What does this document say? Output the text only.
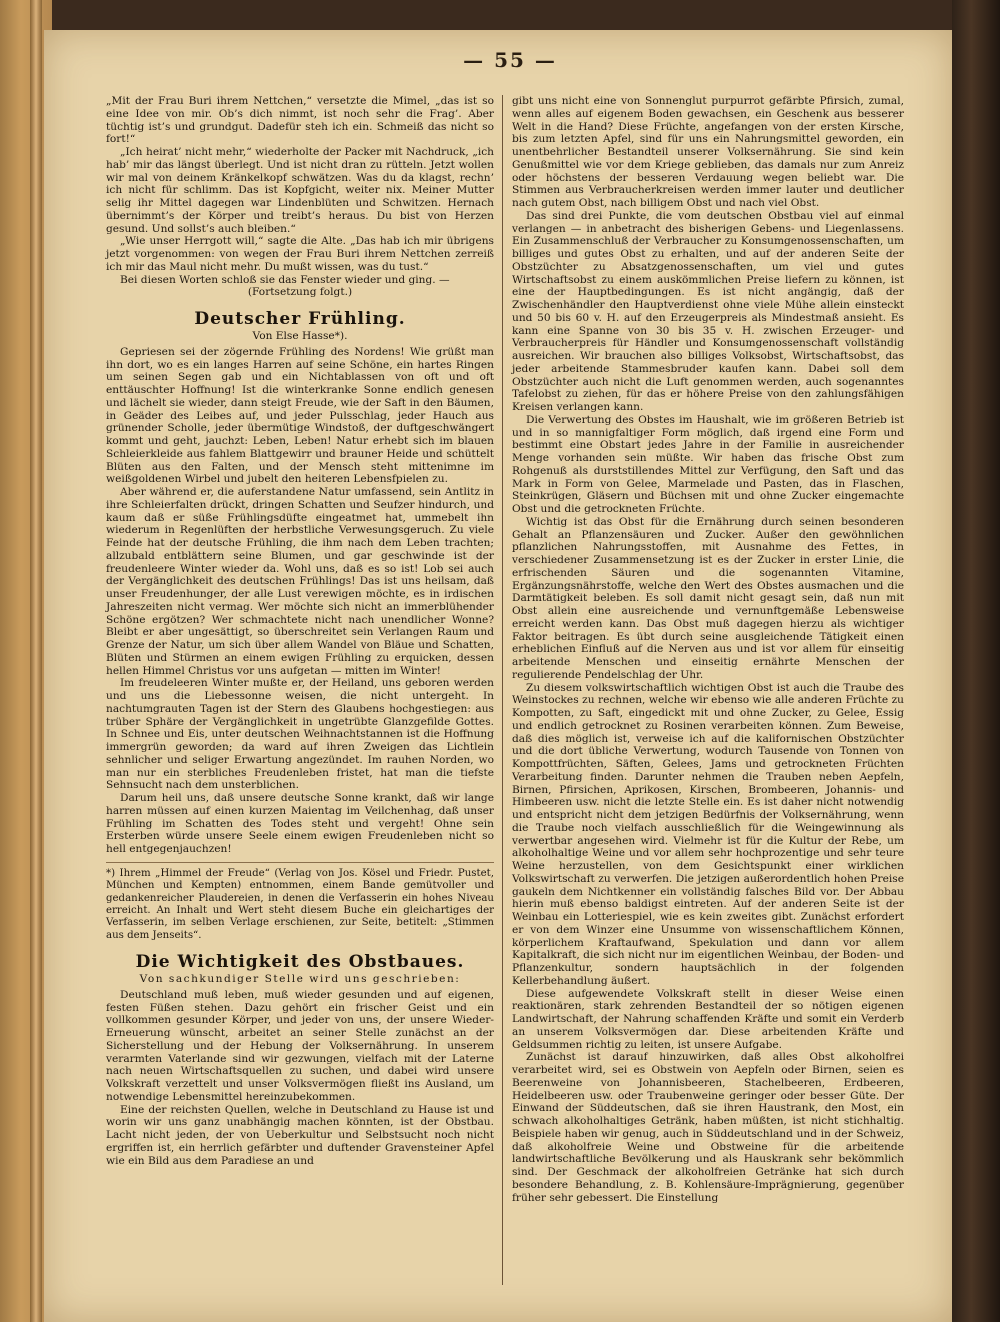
— 55 —

„Mit der Frau Buri ihrem Nettchen,“ versetzte die Mimel, „das ist so eine Idee von mir. Ob’s dich nimmt, ist noch sehr die Frag’. Aber tüchtig ist’s und grundgut. Dadefür steh ich ein. Schmeiß das nicht so fort!“

„Ich heirat’ nicht mehr,“ wiederholte der Packer mit Nachdruck, „ich hab’ mir das längst überlegt. Und ist nicht dran zu rütteln. Jetzt wollen wir mal von deinem Kränkelkopf schwätzen. Was du da klagst, rechn’ ich nicht für schlimm. Das ist Kopfgicht, weiter nix. Meiner Mutter selig ihr Mittel dagegen war Lindenblüten und Schwitzen. Hernach übernimmt’s der Körper und treibt’s heraus. Du bist von Herzen gesund. Und sollst’s auch bleiben.“

„Wie unser Herrgott will,“ sagte die Alte. „Das hab ich mir übrigens jetzt vorgenommen: von wegen der Frau Buri ihrem Nettchen zerreiß ich mir das Maul nicht mehr. Du mußt wissen, was du tust.“

Bei diesen Worten schloß sie das Fenster wieder und ging. —

(Fortsetzung folgt.)

Deutscher Frühling.
Von Else Hasse*).

Gepriesen sei der zögernde Frühling des Nordens! Wie grüßt man ihn dort, wo es ein langes Harren auf seine Schöne, ein hartes Ringen um seinen Segen gab und ein Nichtablassen von oft und oft enttäuschter Hoffnung! Ist die winterkranke Sonne endlich genesen und lächelt sie wieder, dann steigt Freude, wie der Saft in den Bäumen, in Geäder des Leibes auf, und jeder Pulsschlag, jeder Hauch aus grünender Scholle, jeder übermütige Windstoß, der duftgeschwängert kommt und geht, jauchzt: Leben, Leben! Natur erhebt sich im blauen Schleierkleide aus fahlem Blattgewirr und brauner Heide und schüttelt Blüten aus den Falten, und der Mensch steht mittenimne im weißgoldenen Wirbel und jubelt den heiteren Lebensfpielen zu.

Aber während er, die auferstandene Natur umfassend, sein Antlitz in ihre Schleierfalten drückt, dringen Schatten und Seufzer hindurch, und kaum daß er süße Frühlingsdüfte eingeatmet hat, ummebelt ihn wiederum in Regenlüften der herbstliche Verwesungsgeruch. Zu viele Feinde hat der deutsche Frühling, die ihm nach dem Leben trachten; allzubald entblättern seine Blumen, und gar geschwinde ist der freudenleere Winter wieder da. Wohl uns, daß es so ist! Lob sei auch der Vergänglichkeit des deutschen Frühlings! Das ist uns heilsam, daß unser Freudenhunger, der alle Lust verewigen möchte, es in irdischen Jahreszeiten nicht vermag. Wer möchte sich nicht an immerblühender Schöne ergötzen? Wer schmachtete nicht nach unendlicher Wonne? Bleibt er aber ungesättigt, so überschreitet sein Verlangen Raum und Grenze der Natur, um sich über allem Wandel von Bläue und Schatten, Blüten und Stürmen an einem ewigen Frühling zu erquicken, dessen hellen Himmel Christus vor uns aufgetan — mitten im Winter!

Im freudeleeren Winter mußte er, der Heiland, uns geboren werden und uns die Liebessonne weisen, die nicht untergeht. In nachtumgrauten Tagen ist der Stern des Glaubens hochgestiegen: aus trüber Sphäre der Vergänglichkeit in ungetrübte Glanzgefilde Gottes. In Schnee und Eis, unter deutschen Weihnachtstannen ist die Hoffnung immergrün geworden; da ward auf ihren Zweigen das Lichtlein sehnlicher und seliger Erwartung angezündet. Im rauhen Norden, wo man nur ein sterbliches Freudenleben fristet, hat man die tiefste Sehnsucht nach dem unsterblichen.

Darum heil uns, daß unsere deutsche Sonne krankt, daß wir lange harren müssen auf einen kurzen Maientag im Veilchenhag, daß unser Frühling im Schatten des Todes steht und vergeht! Ohne sein Ersterben würde unsere Seele einem ewigen Freudenleben nicht so hell entgegenjauchzen!

*) Ihrem „Himmel der Freude“ (Verlag von Jos. Kösel und Friedr. Pustet, München und Kempten) entnommen, einem Bande gemütvoller und gedankenreicher Plaudereien, in denen die Verfasserin ein hohes Niveau erreicht. An Inhalt und Wert steht diesem Buche ein gleichartiges der Verfasserin, im selben Verlage erschienen, zur Seite, betitelt: „Stimmen aus dem Jenseits“.
Die Wichtigkeit des Obstbaues.
Von sachkundiger Stelle wird uns geschrieben:

Deutschland muß leben, muß wieder gesunden und auf eigenen, festen Füßen stehen. Dazu gehört ein frischer Geist und ein vollkommen gesunder Körper, und jeder von uns, der unsere Wieder-Erneuerung wünscht, arbeitet an seiner Stelle zunächst an der Sicherstellung und der Hebung der Volksernährung. In unserem verarmten Vaterlande sind wir gezwungen, vielfach mit der Laterne nach neuen Wirtschaftsquellen zu suchen, und dabei wird unsere Volkskraft verzettelt und unser Volksvermögen fließt ins Ausland, um notwendige Lebensmittel hereinzubekommen.

Eine der reichsten Quellen, welche in Deutschland zu Hause ist und worin wir uns ganz unabhängig machen könnten, ist der Obstbau. Lacht nicht jeden, der von Ueberkultur und Selbstsucht noch nicht ergriffen ist, ein herrlich gefärbter und duftender Gravensteiner Apfel wie ein Bild aus dem Paradiese an und

gibt uns nicht eine von Sonnenglut purpurrot gefärbte Pfirsich, zumal, wenn alles auf eigenem Boden gewachsen, ein Geschenk aus besserer Welt in die Hand? Diese Früchte, angefangen von der ersten Kirsche, bis zum letzten Apfel, sind für uns ein Nahrungsmittel geworden, ein unentbehrlicher Bestandteil unserer Volksernährung. Sie sind kein Genußmittel wie vor dem Kriege geblieben, das damals nur zum Anreiz oder höchstens der besseren Verdauung wegen beliebt war. Die Stimmen aus Verbraucherkreisen werden immer lauter und deutlicher nach gutem Obst, nach billigem Obst und nach viel Obst.

Das sind drei Punkte, die vom deutschen Obstbau viel auf einmal verlangen — in anbetracht des bisherigen Gebens- und Liegenlassens. Ein Zusammenschluß der Verbraucher zu Konsumgenossenschaften, um billiges und gutes Obst zu erhalten, und auf der anderen Seite der Obstzüchter zu Absatzgenossenschaften, um viel und gutes Wirtschaftsobst zu einem auskömmlichen Preise liefern zu können, ist eine der Hauptbedingungen. Es ist nicht angängig, daß der Zwischenhändler den Hauptverdienst ohne viele Mühe allein einsteckt und 50 bis 60 v. H. auf den Erzeugerpreis als Mindestmaß ansieht. Es kann eine Spanne von 30 bis 35 v. H. zwischen Erzeuger- und Verbraucherpreis für Händler und Konsumgenossenschaft vollständig ausreichen. Wir brauchen also billiges Volksobst, Wirtschaftsobst, das jeder arbeitende Stammesbruder kaufen kann. Dabei soll dem Obstzüchter auch nicht die Luft genommen werden, auch sogenanntes Tafelobst zu ziehen, für das er höhere Preise von den zahlungsfähigen Kreisen verlangen kann.

Die Verwertung des Obstes im Haushalt, wie im größeren Betrieb ist und in so mannigfaltiger Form möglich, daß irgend eine Form und bestimmt eine Obstart jedes Jahre in der Familie in ausreichender Menge vorhanden sein müßte. Wir haben das frische Obst zum Rohgenuß als durststillendes Mittel zur Verfügung, den Saft und das Mark in Form von Gelee, Marmelade und Pasten, das in Flaschen, Steinkrügen, Gläsern und Büchsen mit und ohne Zucker eingemachte Obst und die getrockneten Früchte.

Wichtig ist das Obst für die Ernährung durch seinen besonderen Gehalt an Pflanzensäuren und Zucker. Außer den gewöhnlichen pflanzlichen Nahrungsstoffen, mit Ausnahme des Fettes, in verschiedener Zusammensetzung ist es der Zucker in erster Linie, die erfrischenden Säuren und die sogenannten Vitamine, Ergänzungsnährstoffe, welche den Wert des Obstes ausmachen und die Darmtätigkeit beleben. Es soll damit nicht gesagt sein, daß nun mit Obst allein eine ausreichende und vernunftgemäße Lebensweise erreicht werden kann. Das Obst muß dagegen hierzu als wichtiger Faktor beitragen. Es übt durch seine ausgleichende Tätigkeit einen erheblichen Einfluß auf die Nerven aus und ist vor allem für einseitig arbeitende Menschen und einseitig ernährte Menschen der regulierende Pendelschlag der Uhr.

Zu diesem volkswirtschaftlich wichtigen Obst ist auch die Traube des Weinstockes zu rechnen, welche wir ebenso wie alle anderen Früchte zu Kompotten, zu Saft, eingedickt mit und ohne Zucker, zu Gelee, Essig und endlich getrocknet zu Rosinen verarbeiten können. Zum Beweise, daß dies möglich ist, verweise ich auf die kalifornischen Obstzüchter und die dort übliche Verwertung, wodurch Tausende von Tonnen von Kompottfrüchten, Säften, Gelees, Jams und getrockneten Früchten Verarbeitung finden. Darunter nehmen die Trauben neben Aepfeln, Birnen, Pfirsichen, Aprikosen, Kirschen, Brombeeren, Johannis- und Himbeeren usw. nicht die letzte Stelle ein. Es ist daher nicht notwendig und entspricht nicht dem jetzigen Bedürfnis der Volksernährung, wenn die Traube noch vielfach ausschließlich für die Weingewinnung als verwertbar angesehen wird. Vielmehr ist für die Kultur der Rebe, um alkoholhaltige Weine und vor allem sehr hochprozentige und sehr teure Weine herzustellen, von dem Gesichtspunkt einer wirklichen Volkswirtschaft zu verwerfen. Die jetzigen außerordentlich hohen Preise gaukeln dem Nichtkenner ein vollständig falsches Bild vor. Der Abbau hierin muß ebenso baldigst eintreten. Auf der anderen Seite ist der Weinbau ein Lotteriespiel, wie es kein zweites gibt. Zunächst erfordert er von dem Winzer eine Unsumme von wissenschaftlichem Können, körperlichem Kraftaufwand, Spekulation und dann vor allem Kapitalkraft, die sich nicht nur im eigentlichen Weinbau, der Boden- und Pflanzenkultur, sondern hauptsächlich in der folgenden Kellerbehandlung äußert.

Diese aufgewendete Volkskraft stellt in dieser Weise einen reaktionären, stark zehrenden Bestandteil der so nötigen eigenen Landwirtschaft, der Nahrung schaffenden Kräfte und somit ein Verderb an unserem Volksvermögen dar. Diese arbeitenden Kräfte und Geldsummen richtig zu leiten, ist unsere Aufgabe.

Zunächst ist darauf hinzuwirken, daß alles Obst alkoholfrei verarbeitet wird, sei es Obstwein von Aepfeln oder Birnen, seien es Beerenweine von Johannisbeeren, Stachelbeeren, Erdbeeren, Heidelbeeren usw. oder Traubenweine geringer oder besser Güte. Der Einwand der Süddeutschen, daß sie ihren Haustrank, den Most, ein schwach alkoholhaltiges Getränk, haben müßten, ist nicht stichhaltig. Beispiele haben wir genug, auch in Süddeutschland und in der Schweiz, daß alkoholfreie Weine und Obstweine für die arbeitende landwirtschaftliche Bevölkerung und als Hauskrank sehr bekömmlich sind. Der Geschmack der alkoholfreien Getränke hat sich durch besondere Behandlung, z. B. Kohlensäure-Imprägnierung, gegenüber früher sehr gebessert. Die Einstellung
